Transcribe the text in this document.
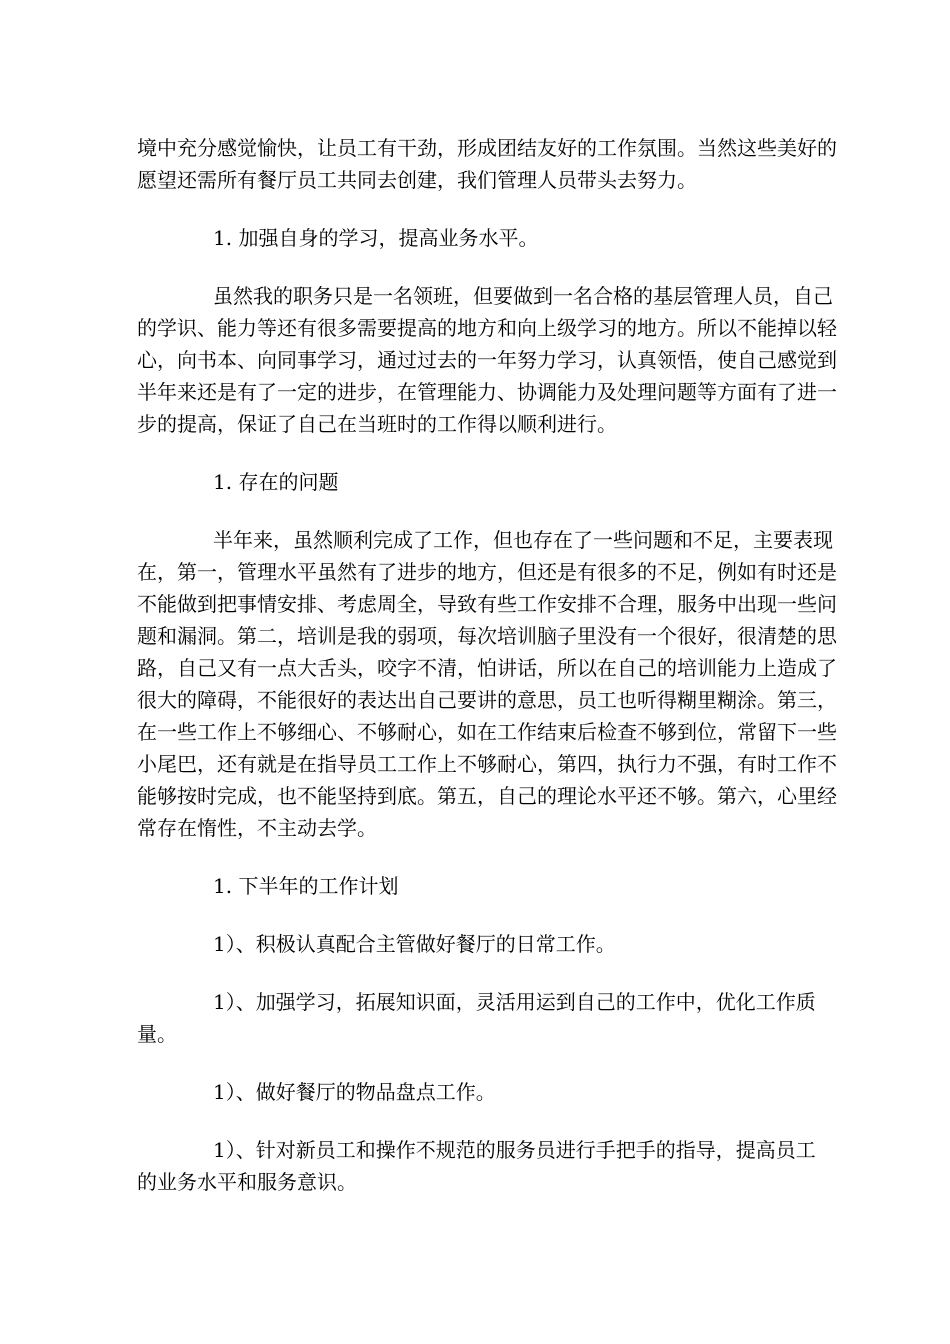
境中充分感觉愉快，让员工有干劲，形成团结友好的工作氛围。当然这些美好的
愿望还需所有餐厅员工共同去创建，我们管理人员带头去努力。
1. 加强自身的学习，提高业务水平。
虽然我的职务只是一名领班，但要做到一名合格的基层管理人员，自己
的学识、能力等还有很多需要提高的地方和向上级学习的地方。所以不能掉以轻
心，向书本、向同事学习，通过过去的一年努力学习，认真领悟，使自己感觉到
半年来还是有了一定的进步，在管理能力、协调能力及处理问题等方面有了进一
步的提高，保证了自己在当班时的工作得以顺利进行。
1. 存在的问题
半年来，虽然顺利完成了工作，但也存在了一些问题和不足，主要表现
在，第一，管理水平虽然有了进步的地方，但还是有很多的不足，例如有时还是
不能做到把事情安排、考虑周全，导致有些工作安排不合理，服务中出现一些问
题和漏洞。第二，培训是我的弱项，每次培训脑子里没有一个很好，很清楚的思
路，自己又有一点大舌头，咬字不清，怕讲话，所以在自己的培训能力上造成了
很大的障碍，不能很好的表达出自己要讲的意思，员工也听得糊里糊涂。第三，
在一些工作上不够细心、不够耐心，如在工作结束后检查不够到位，常留下一些
小尾巴，还有就是在指导员工工作上不够耐心，第四，执行力不强，有时工作不
能够按时完成，也不能坚持到底。第五，自己的理论水平还不够。第六，心里经
常存在惰性，不主动去学。
1. 下半年的工作计划
1）、积极认真配合主管做好餐厅的日常工作。
1）、加强学习，拓展知识面，灵活用运到自己的工作中，优化工作质
量。
1）、做好餐厅的物品盘点工作。
1）、针对新员工和操作不规范的服务员进行手把手的指导，提高员工
的业务水平和服务意识。
